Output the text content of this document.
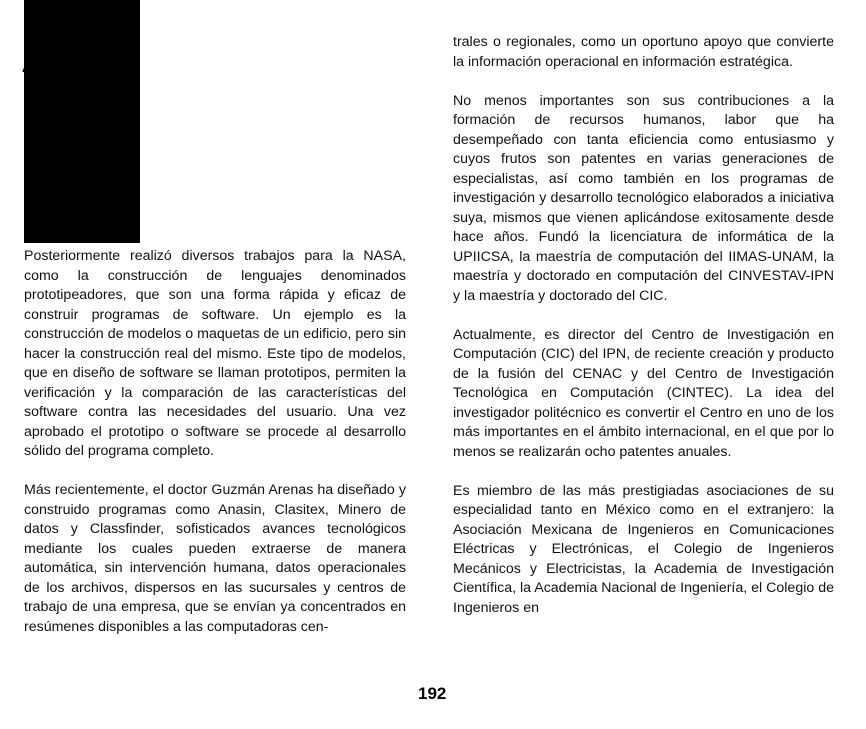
Adolfo Guzmán Arenas

Posteriormente realizó diversos trabajos para la NASA, como la construcción de lenguajes denominados prototipeadores, que son una forma rápida y eficaz de construir programas de software. Un ejemplo es la construcción de modelos o maquetas de un edificio, pero sin hacer la construcción real del mismo. Este tipo de modelos, que en diseño de software se llaman prototipos, permiten la verificación y la comparación de las características del software contra las necesidades del usuario. Una vez aprobado el prototipo o software se procede al desarrollo sólido del programa completo.

Más recientemente, el doctor Guzmán Arenas ha diseñado y construido programas como Anasin, Clasitex, Minero de datos y Classfinder, sofisticados avances tecnológicos mediante los cuales pueden extraerse de manera automática, sin intervención humana, datos operacionales de los archivos, dispersos en las sucursales y centros de trabajo de una empresa, que se envían ya concentrados en resúmenes disponibles a las computadoras cen-

trales o regionales, como un oportuno apoyo que convierte la información operacional en información estratégica.

No menos importantes son sus contribuciones a la formación de recursos humanos, labor que ha desempeñado con tanta eficiencia como entusiasmo y cuyos frutos son patentes en varias generaciones de especialistas, así como también en los programas de investigación y desarrollo tecnológico elaborados a iniciativa suya, mismos que vienen aplicándose exitosamente desde hace años. Fundó la licenciatura de informática de la UPIICSA, la maestría de computación del IIMAS-UNAM, la maestría y doctorado en computación del CINVESTAV-IPN y la maestría y doctorado del CIC.

Actualmente, es director del Centro de Investigación en Computación (CIC) del IPN, de reciente creación y producto de la fusión del CENAC y del Centro de Investigación Tecnológica en Computación (CINTEC). La idea del investigador politécnico es convertir el Centro en uno de los más importantes en el ámbito internacional, en el que por lo menos se realizarán ocho patentes anuales.

Es miembro de las más prestigiadas asociaciones de su especialidad tanto en México como en el extranjero: la Asociación Mexicana de Ingenieros en Comunicaciones Eléctricas y Electrónicas, el Colegio de Ingenieros Mecánicos y Electricistas, la Academia de Investigación Científica, la Academia Nacional de Ingeniería, el Colegio de Ingenieros en

192
